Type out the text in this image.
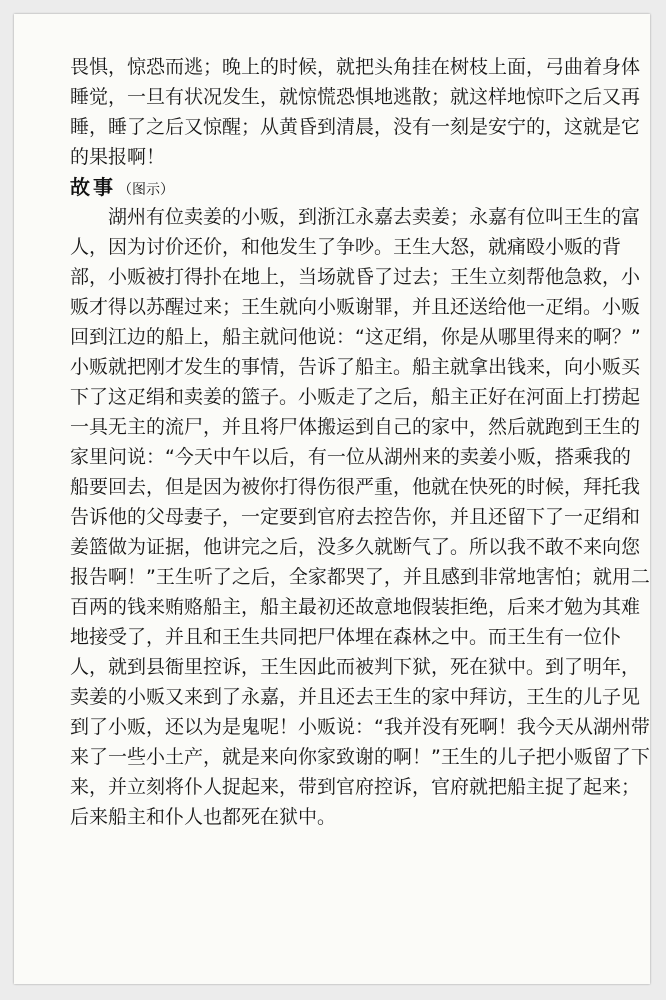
畏惧，惊恐而逃；晚上的时候，就把头角挂在树枝上面，弓曲着身体
睡觉，一旦有状况发生，就惊慌恐惧地逃散；就这样地惊吓之后又再
睡，睡了之后又惊醒；从黄昏到清晨，没有一刻是安宁的，这就是它
的果报啊！
故事 （图示）
湖州有位卖姜的小贩，到浙江永嘉去卖姜；永嘉有位叫王生的富
人，因为讨价还价，和他发生了争吵。王生大怒，就痛殴小贩的背
部，小贩被打得扑在地上，当场就昏了过去；王生立刻帮他急救，小
贩才得以苏醒过来；王生就向小贩谢罪，并且还送给他一疋绢。小贩
回到江边的船上，船主就问他说：“这疋绢，你是从哪里得来的啊？”
小贩就把刚才发生的事情，告诉了船主。船主就拿出钱来，向小贩买
下了这疋绢和卖姜的篮子。小贩走了之后，船主正好在河面上打捞起
一具无主的流尸，并且将尸体搬运到自己的家中，然后就跑到王生的
家里问说：“今天中午以后，有一位从湖州来的卖姜小贩，搭乘我的
船要回去，但是因为被你打得伤很严重，他就在快死的时候，拜托我
告诉他的父母妻子，一定要到官府去控告你，并且还留下了一疋绢和
姜篮做为证据，他讲完之后，没多久就断气了。所以我不敢不来向您
报告啊！”王生听了之后，全家都哭了，并且感到非常地害怕；就用二
百两的钱来贿赂船主，船主最初还故意地假装拒绝，后来才勉为其难
地接受了，并且和王生共同把尸体埋在森林之中。而王生有一位仆
人，就到县衙里控诉，王生因此而被判下狱，死在狱中。到了明年，
卖姜的小贩又来到了永嘉，并且还去王生的家中拜访，王生的儿子见
到了小贩，还以为是鬼呢！小贩说：“我并没有死啊！我今天从湖州带
来了一些小土产，就是来向你家致谢的啊！”王生的儿子把小贩留了下
来，并立刻将仆人捉起来，带到官府控诉，官府就把船主捉了起来；
后来船主和仆人也都死在狱中。
